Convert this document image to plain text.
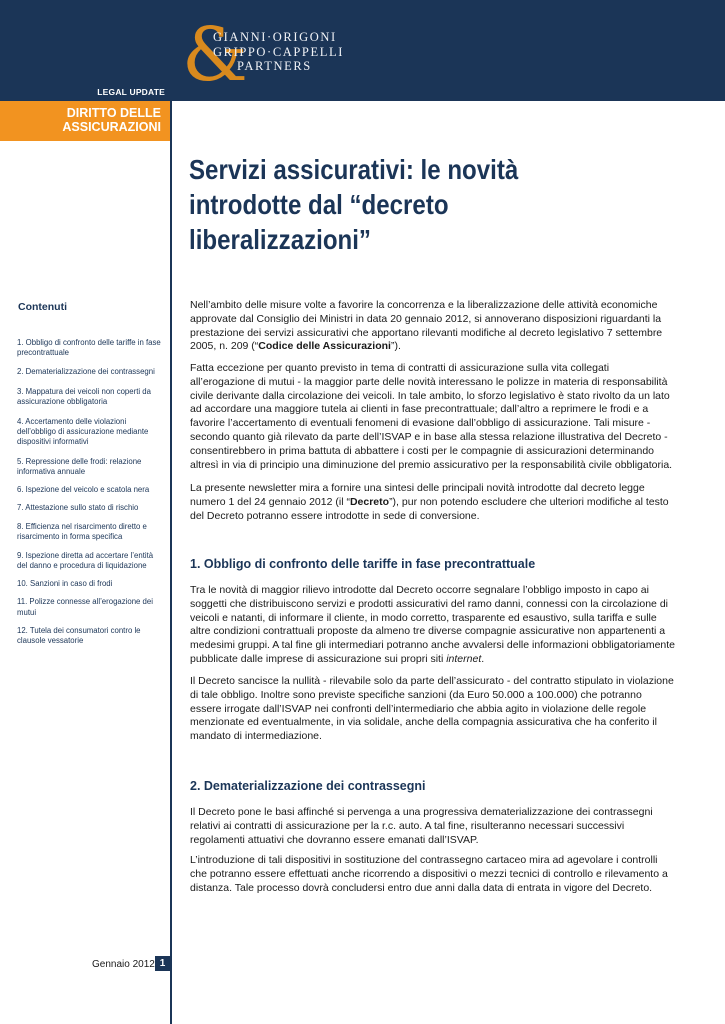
&
GIANNI·ORIGONI
GRIPPO·CAPPELLI
PARTNERS
LEGAL UPDATE
DIRITTO DELLE
ASSICURAZIONI
Contenuti
1. Obbligo di confronto delle tariffe in fase precontrattuale
2. Dematerializzazione dei contrassegni
3. Mappatura dei veicoli non coperti da assicurazione obbligatoria
4. Accertamento delle violazioni dell’obbligo di assicurazione mediante dispositivi informativi
5. Repressione delle frodi: relazione informativa annuale
6. Ispezione del veicolo e scatola nera
7. Attestazione sullo stato di rischio
8. Efficienza nel risarcimento diretto e risarcimento in forma specifica
9. Ispezione diretta ad accertare l’entità del danno e procedura di liquidazione
10. Sanzioni in caso di frodi
11. Polizze connesse all’erogazione dei mutui
12. Tutela dei consumatori contro le clausole vessatorie
Gennaio 2012 1
Servizi assicurativi: le novità introdotte dal “decreto liberalizzazioni”

Nell’ambito delle misure volte a favorire la concorrenza e la liberalizzazione delle attività economiche approvate dal Consiglio dei Ministri in data 20 gennaio 2012, si annoverano disposizioni riguardanti la prestazione dei servizi assicurativi che apportano rilevanti modifiche al decreto legislativo 7 settembre 2005, n. 209 (“Codice delle Assicurazioni”).

Fatta eccezione per quanto previsto in tema di contratti di assicurazione sulla vita collegati all’erogazione di mutui - la maggior parte delle novità interessano le polizze in materia di responsabilità civile derivante dalla circolazione dei veicoli. In tale ambito, lo sforzo legislativo è stato rivolto da un lato ad accordare una maggiore tutela ai clienti in fase precontrattuale; dall’altro a reprimere le frodi e a favorire l’accertamento di eventuali fenomeni di evasione dall’obbligo di assicurazione. Tali misure - secondo quanto già rilevato da parte dell’ISVAP e in base alla stessa relazione illustrativa del Decreto - consentirebbero in prima battuta di abbattere i costi per le compagnie di assicurazioni determinando altresì in via di principio una diminuzione del premio assicurativo per la responsabilità civile obbligatoria.

La presente newsletter mira a fornire una sintesi delle principali novità introdotte dal decreto legge numero 1 del 24 gennaio 2012 (il “Decreto”), pur non potendo escludere che ulteriori modifiche al testo del Decreto potranno essere introdotte in sede di conversione.

1. Obbligo di confronto delle tariffe in fase precontrattuale

Tra le novità di maggior rilievo introdotte dal Decreto occorre segnalare l’obbligo imposto in capo ai soggetti che distribuiscono servizi e prodotti assicurativi del ramo danni, connessi con la circolazione di veicoli e natanti, di informare il cliente, in modo corretto, trasparente ed esaustivo, sulla tariffa e sulle altre condizioni contrattuali proposte da almeno tre diverse compagnie assicurative non appartenenti a medesimi gruppi. A tal fine gli intermediari potranno anche avvalersi delle informazioni obbligatoriamente pubblicate dalle imprese di assicurazione sui propri siti internet.

Il Decreto sancisce la nullità - rilevabile solo da parte dell’assicurato - del contratto stipulato in violazione di tale obbligo. Inoltre sono previste specifiche sanzioni (da Euro 50.000 a 100.000) che potranno essere irrogate dall’ISVAP nei confronti dell’intermediario che abbia agito in violazione delle regole menzionate ed eventualmente, in via solidale, anche della compagnia assicurativa che ha conferito il mandato di intermediazione.
2. Dematerializzazione dei contrassegni
Il Decreto pone le basi affinché si pervenga a una progressiva dematerializzazione dei contrassegni relativi ai contratti di assicurazione per la r.c. auto. A tal fine, risulteranno necessari successivi regolamenti attuativi che dovranno essere emanati dall’ISVAP.
L’introduzione di tali dispositivi in sostituzione del contrassegno cartaceo mira ad agevolare i controlli che potranno essere effettuati anche ricorrendo a dispositivi o mezzi tecnici di controllo e rilevamento a distanza. Tale processo dovrà concludersi entro due anni dalla data di entrata in vigore del Decreto.
